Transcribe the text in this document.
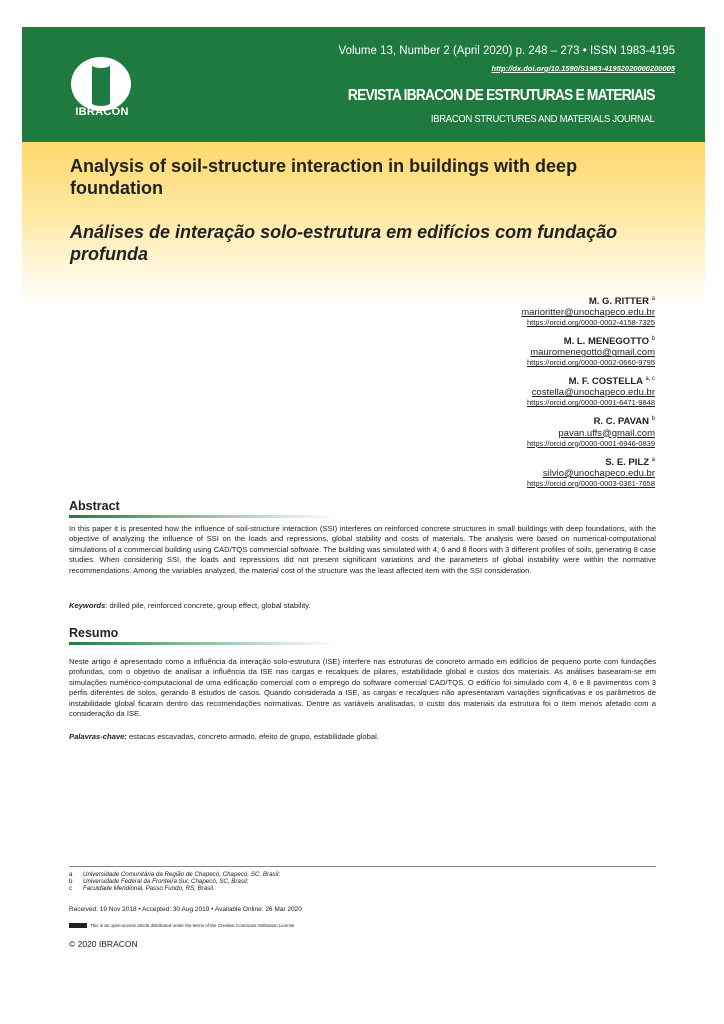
IBRACON
Volume 13, Number 2 (April 2020) p. 248 – 273 • ISSN 1983-4195
http://dx.doi.org/10.1590/S1983-41952020000200005
REVISTA IBRACON DE ESTRUTURAS E MATERIAIS
IBRACON STRUCTURES AND MATERIALS JOURNAL
Analysis of soil-structure interaction in buildings with deep foundation
Análises de interação solo-estrutura em edifícios com fundação profunda
M. G. RITTER $^a$
marioritter@unochapeco.edu.br
https://orcid.org/0000-0002-4158-7325
M. L. MENEGOTTO $^b$
mauromenegotto@gmail.com
https://orcid.org/0000-0002-0660-9795
M. F. COSTELLA $^{a, c}$
costella@unochapeco.edu.br
https://orcid.org/0000-0001-6471-9848
R. C. PAVAN $^b$
pavan.uffs@gmail.com
https://orcid.org/0000-0001-6946-0839
S. E. PILZ $^a$
silvio@unochapeco.edu.br
https://orcid.org/0000-0003-0361-7658
Abstract
In this paper it is presented how the influence of soil-structure interaction (SSI) interferes on reinforced concrete structures in small buildings with deep foundations, with the objective of analyzing the influence of SSI on the loads and repressions, global stability and costs of materials. The analysis were based on numerical-computational simulations of a commercial building using CAD/TQS commercial software. The building was simulated with 4, 6 and 8 floors with 3 different profiles of soils, generating 8 case studies. When considering SSI, the loads and repressions did not present significant variations and the parameters of global instability were within the normative recommendations. Among the variables analyzed, the material cost of the structure was the least affected item with the SSI consideration.
Keywords: drilled pile, reinforced concrete, group effect, global stability.
Resumo
Neste artigo é apresentado como a influência da interação solo-estrutura (ISE) interfere nas estruturas de concreto armado em edifícios de pequeno porte com fundações profundas, com o objetivo de analisar a influência da ISE nas cargas e recalques de pilares, estabilidade global e custos dos materiais. As análises basearam-se em simulações numérico-computacional de uma edificação comercial com o emprego do software comercial CAD/TQS. O edifício foi simulado com 4, 6 e 8 pavimentos com 3 perfis diferentes de solos, gerando 8 estudos de casos. Quando considerada a ISE, as cargas e recalques não apresentaram variações significativas e os parâmetros de instabilidade global ficaram dentro das recomendações normativas. Dentre as variáveis analisadas, o custo dos materiais da estrutura foi o item menos afetado com a consideração da ISE.
Palavras-chave: estacas escavadas, concreto armado, efeito de grupo, estabilidade global.
a Universidade Comunitária da Região de Chapecó, Chapecó, SC, Brasil;
b Universidade Federal da Fronteira Sul, Chapecó, SC, Brasil;
c Faculdade Meridional, Passo Fundo, RS, Brasil.
Received: 19 Nov 2018 • Accepted: 30 Aug 2019 • Available Online: 26 Mar 2020
This is an open-access article distributed under the terms of the Creative Commons Attribution License
© 2020 IBRACON
